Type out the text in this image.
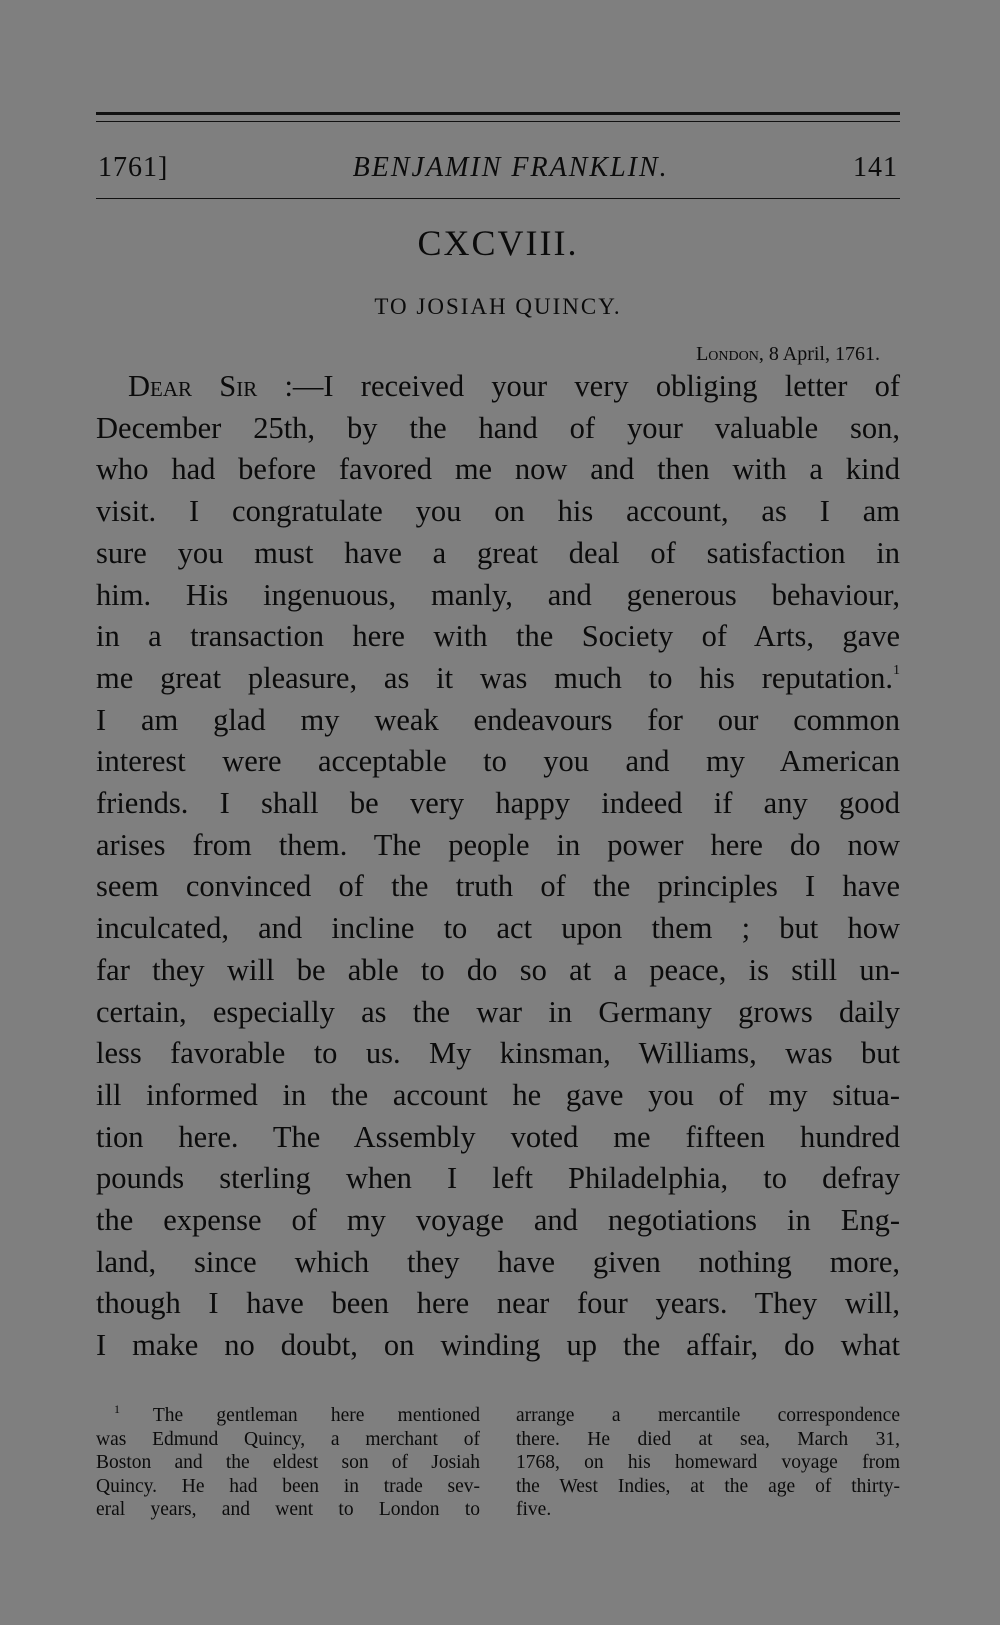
1761]	BENJAMIN FRANKLIN.	141
CXCVIII.
TO JOSIAH QUINCY.
London, 8 April, 1761.
Dear Sir :—I received your very obliging letter of
December 25th, by the hand of your valuable son,
who had before favored me now and then with a kind
visit. I congratulate you on his account, as I am
sure you must have a great deal of satisfaction in
him. His ingenuous, manly, and generous behaviour,
in a transaction here with the Society of Arts, gave
me great pleasure, as it was much to his reputation.$^1$
I am glad my weak endeavours for our common
interest were acceptable to you and my American
friends. I shall be very happy indeed if any good
arises from them. The people in power here do now
seem convinced of the truth of the principles I have
inculcated, and incline to act upon them ; but how
far they will be able to do so at a peace, is still un-
certain, especially as the war in Germany grows daily
less favorable to us. My kinsman, Williams, was but
ill informed in the account he gave you of my situa-
tion here. The Assembly voted me fifteen hundred
pounds sterling when I left Philadelphia, to defray
the expense of my voyage and negotiations in Eng-
land, since which they have given nothing more,
though I have been here near four years. They will,
I make no doubt, on winding up the affair, do what
$^1$ The gentleman here mentioned
was Edmund Quincy, a merchant of
Boston and the eldest son of Josiah
Quincy. He had been in trade sev-
eral years, and went to London to
arrange a mercantile correspondence
there. He died at sea, March 31,
1768, on his homeward voyage from
the West Indies, at the age of thirty-
five.
